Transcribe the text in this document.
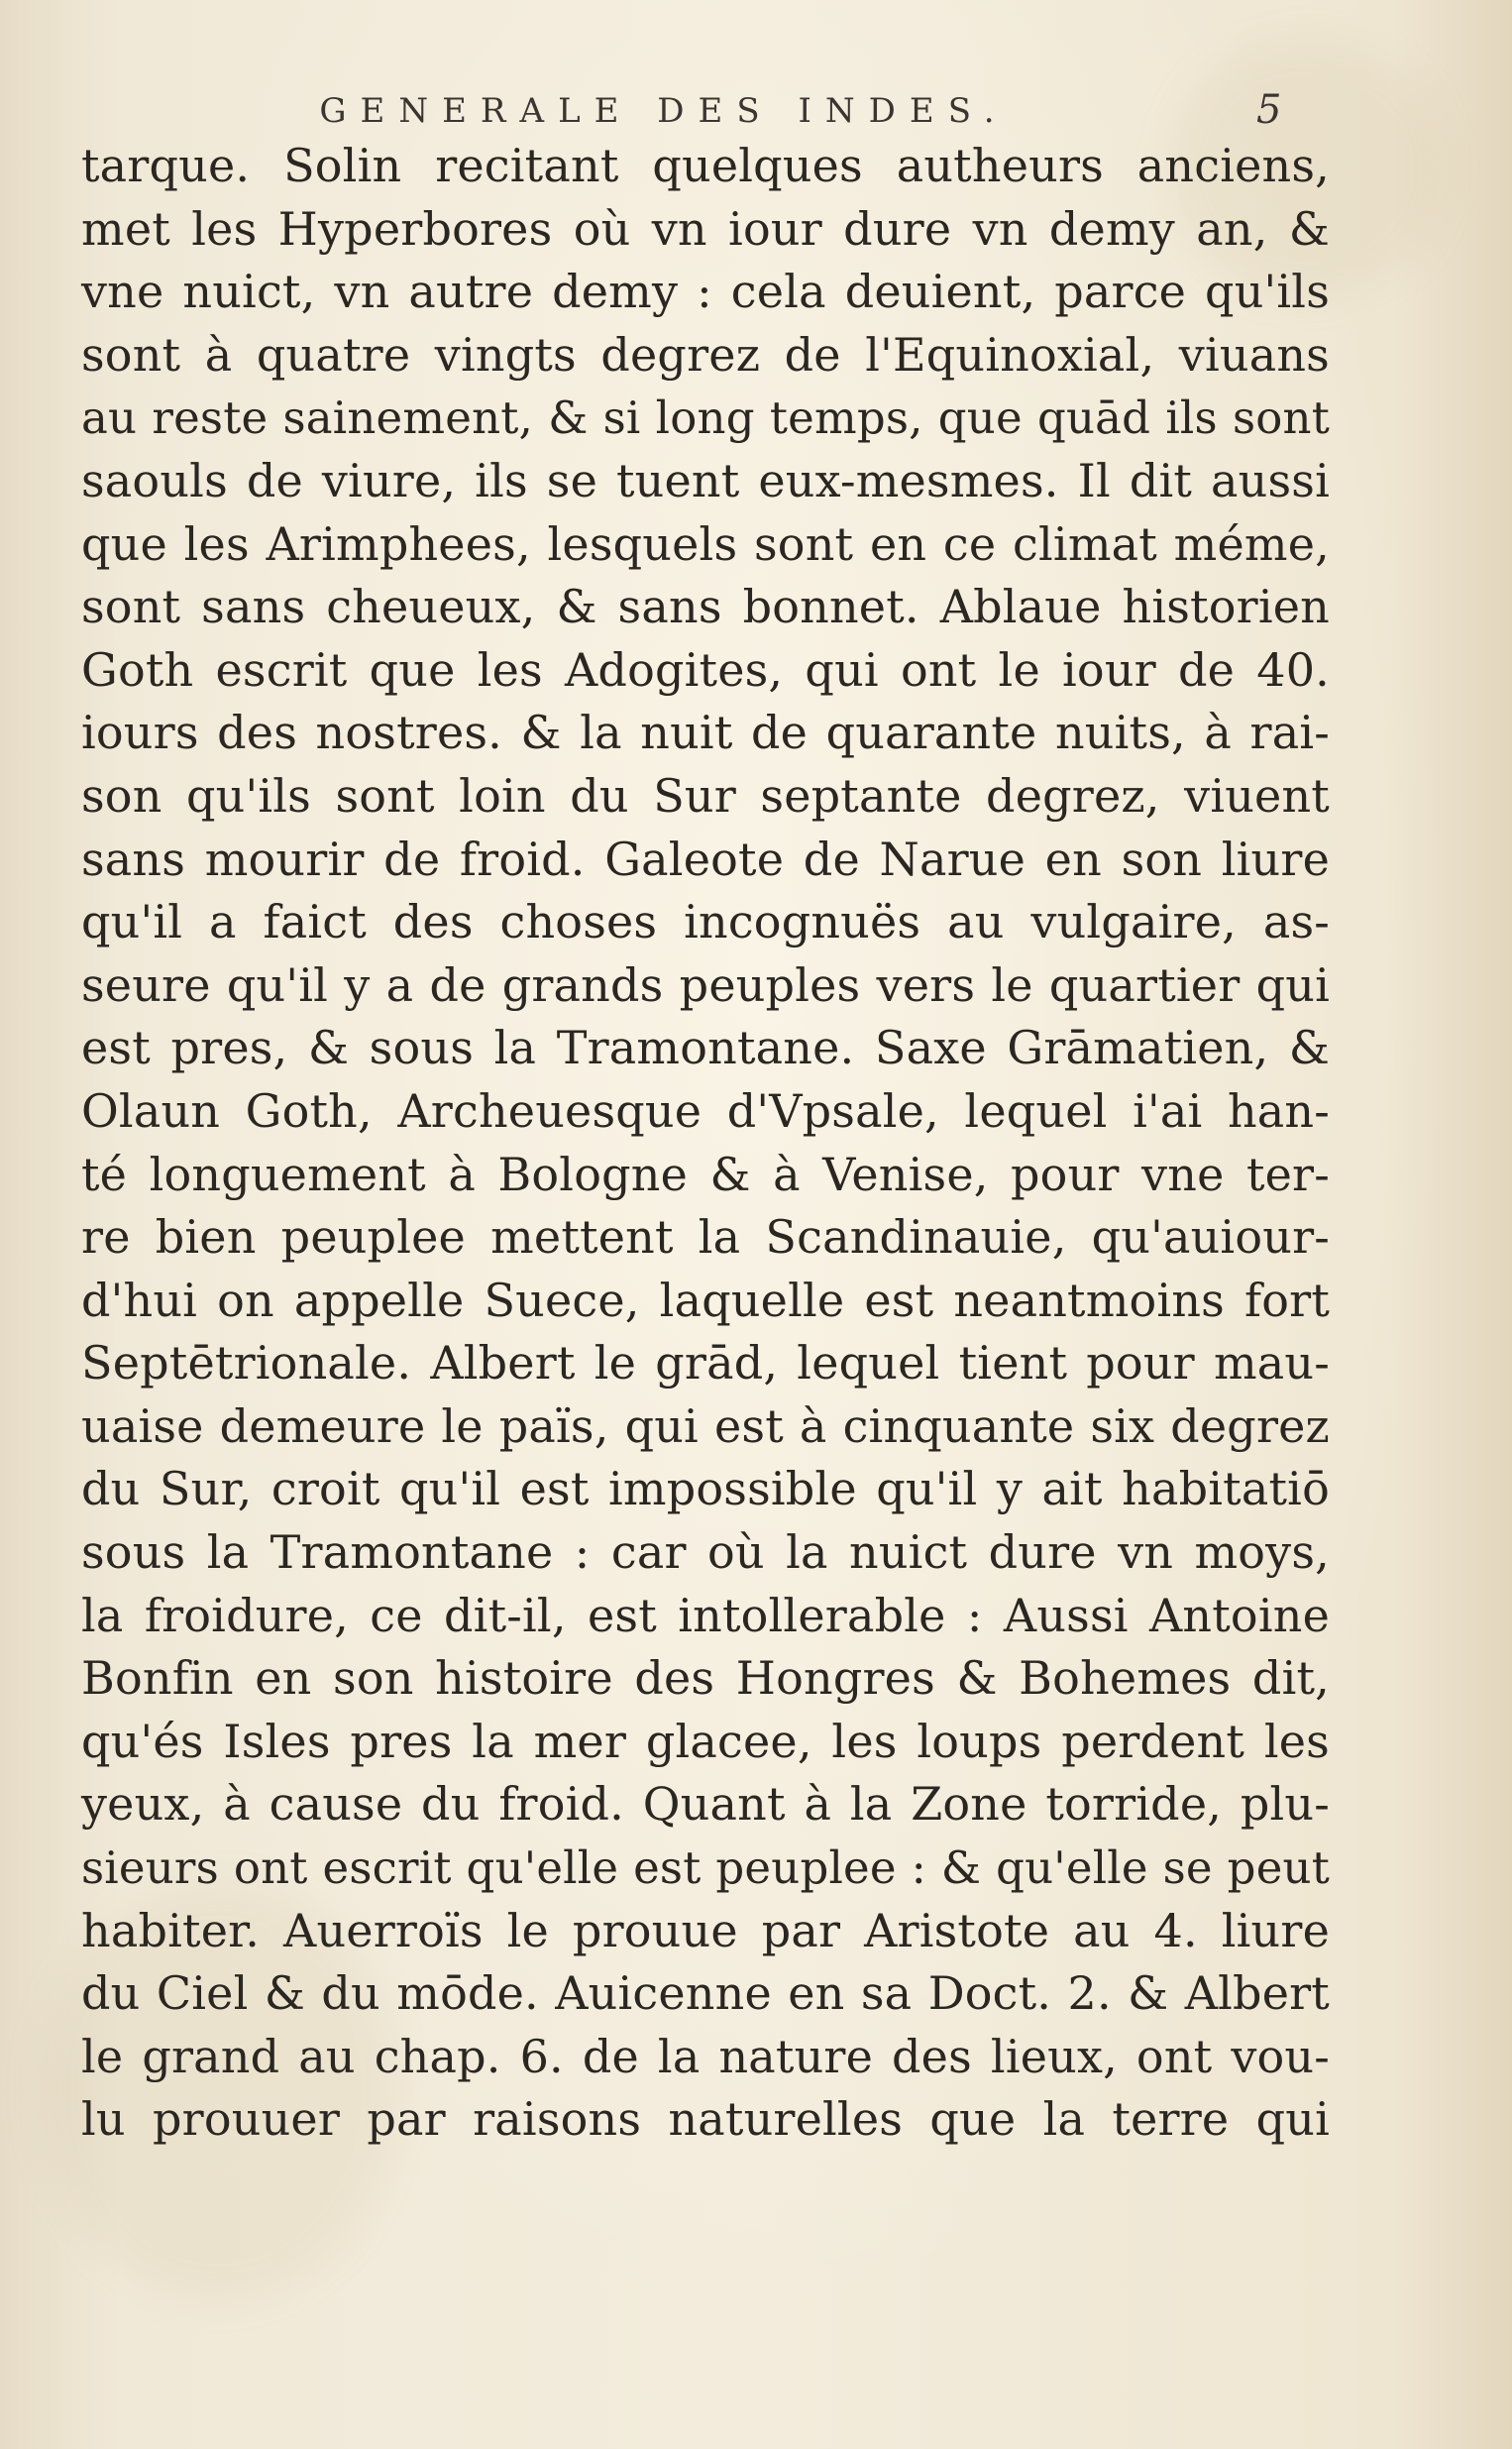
GENERALE DES INDES.	5
tarque. Solin recitant quelques autheurs anciens,
met les Hyperbores où vn iour dure vn demy an, &
vne nuict, vn autre demy : cela deuient, parce qu'ils
sont à quatre vingts degrez de l'Equinoxial, viuans
au reste sainement, & si long temps, que quād ils sont
saouls de viure, ils se tuent eux-mesmes. Il dit aussi
que les Arimphees, lesquels sont en ce climat méme,
sont sans cheueux, & sans bonnet. Ablaue historien
Goth escrit que les Adogites, qui ont le iour de 40.
iours des nostres. & la nuit de quarante nuits, à rai-
son qu'ils sont loin du Sur septante degrez, viuent
sans mourir de froid. Galeote de Narue en son liure
qu'il a faict des choses incognuës au vulgaire, as-
seure qu'il y a de grands peuples vers le quartier qui
est pres, & sous la Tramontane. Saxe Grāmatien, &
Olaun Goth, Archeuesque d'Vpsale, lequel i'ai han-
té longuement à Bologne & à Venise, pour vne ter-
re bien peuplee mettent la Scandinauie, qu'auiour-
d'hui on appelle Suece, laquelle est neantmoins fort
Septētrionale. Albert le grād, lequel tient pour mau-
uaise demeure le païs, qui est à cinquante six degrez
du Sur, croit qu'il est impossible qu'il y ait habitatiō
sous la Tramontane : car où la nuict dure vn moys,
la froidure, ce dit-il, est intollerable : Aussi Antoine
Bonfin en son histoire des Hongres & Bohemes dit,
qu'és Isles pres la mer glacee, les loups perdent les
yeux, à cause du froid. Quant à la Zone torride, plu-
sieurs ont escrit qu'elle est peuplee : & qu'elle se peut
habiter. Auerroïs le prouue par Aristote au 4. liure
du Ciel & du mōde. Auicenne en sa Doct. 2. & Albert
le grand au chap. 6. de la nature des lieux, ont vou-
lu prouuer par raisons naturelles que la terre qui
